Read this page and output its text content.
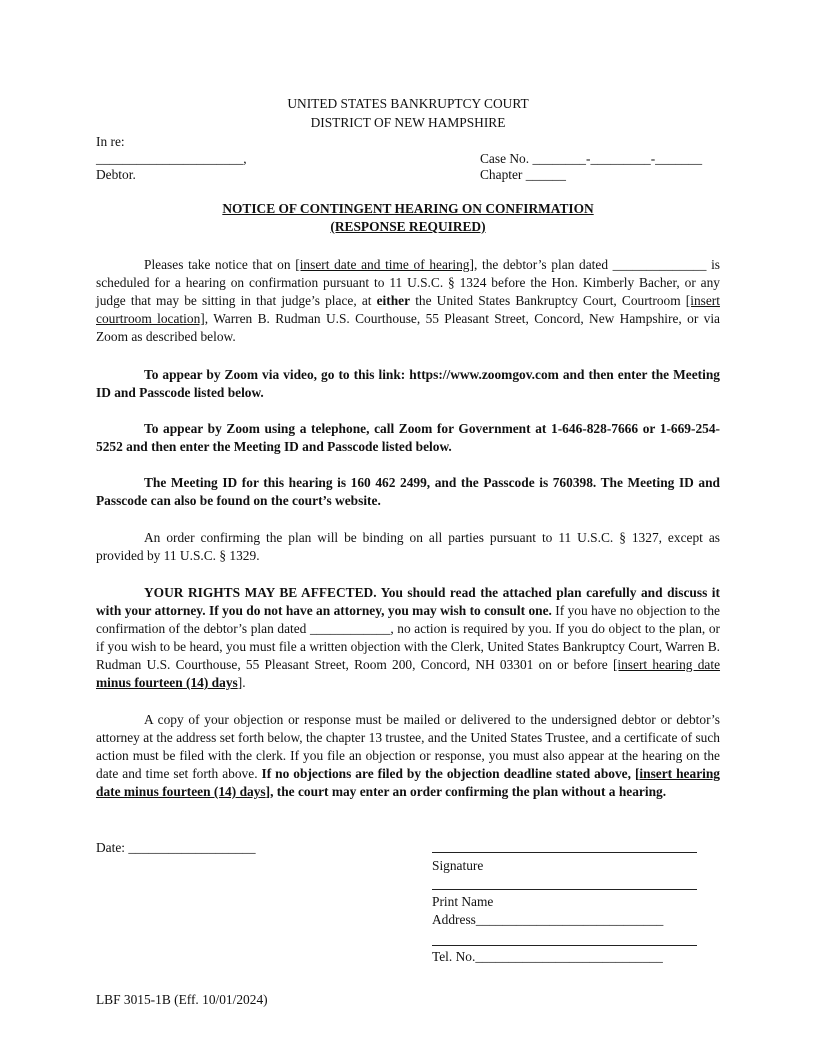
UNITED STATES BANKRUPTCY COURT
DISTRICT OF NEW HAMPSHIRE
In re:
______________________,
Debtor.
Case No. ________-_________-_______
Chapter ______
NOTICE OF CONTINGENT HEARING ON CONFIRMATION
(RESPONSE REQUIRED)

Pleases take notice that on [insert date and time of hearing], the debtor’s plan dated ______________ is scheduled for a hearing on confirmation pursuant to 11 U.S.C. § 1324 before the Hon. Kimberly Bacher, or any judge that may be sitting in that judge’s place, at either the United States Bankruptcy Court, Courtroom [insert courtroom location], Warren B. Rudman U.S. Courthouse, 55 Pleasant Street, Concord, New Hampshire, or via Zoom as described below.

To appear by Zoom via video, go to this link: https://www.zoomgov.com and then enter the Meeting ID and Passcode listed below.

To appear by Zoom using a telephone, call Zoom for Government at 1-646-828-7666 or 1-669-254-5252 and then enter the Meeting ID and Passcode listed below.

The Meeting ID for this hearing is 160 462 2499, and the Passcode is 760398. The Meeting ID and Passcode can also be found on the court’s website.

An order confirming the plan will be binding on all parties pursuant to 11 U.S.C. § 1327, except as provided by 11 U.S.C. § 1329.

YOUR RIGHTS MAY BE AFFECTED. You should read the attached plan carefully and discuss it with your attorney. If you do not have an attorney, you may wish to consult one. If you have no objection to the confirmation of the debtor’s plan dated ____________, no action is required by you. If you do object to the plan, or if you wish to be heard, you must file a written objection with the Clerk, United States Bankruptcy Court, Warren B. Rudman U.S. Courthouse, 55 Pleasant Street, Room 200, Concord, NH 03301 on or before [insert hearing date minus fourteen (14) days].

A copy of your objection or response must be mailed or delivered to the undersigned debtor or debtor’s attorney at the address set forth below, the chapter 13 trustee, and the United States Trustee, and a certificate of such action must be filed with the clerk. If you file an objection or response, you must also appear at the hearing on the date and time set forth above. If no objections are filed by the objection deadline stated above, [insert hearing date minus fourteen (14) days], the court may enter an order confirming the plan without a hearing.

Date: ___________________
Signature
Print Name
Address____________________________
Tel. No.____________________________
LBF 3015-1B (Eff. 10/01/2024)
